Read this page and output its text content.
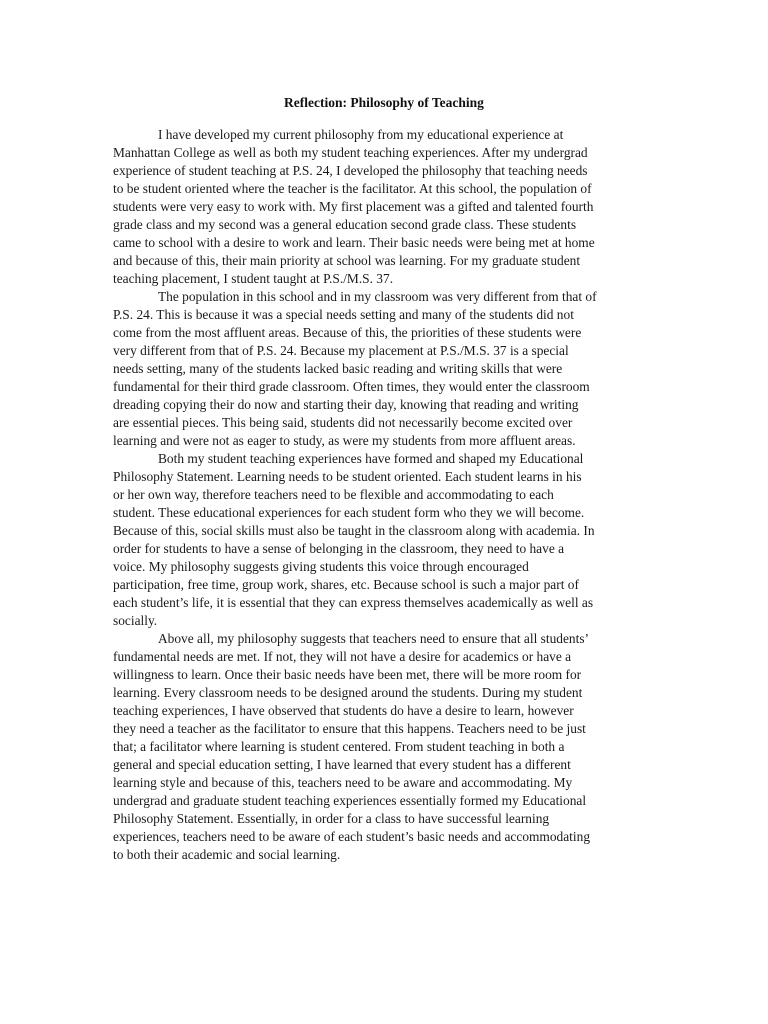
Reflection: Philosophy of Teaching
I have developed my current philosophy from my educational experience at
Manhattan College as well as both my student teaching experiences. After my undergrad
experience of student teaching at P.S. 24, I developed the philosophy that teaching needs
to be student oriented where the teacher is the facilitator. At this school, the population of
students were very easy to work with. My first placement was a gifted and talented fourth
grade class and my second was a general education second grade class. These students
came to school with a desire to work and learn. Their basic needs were being met at home
and because of this, their main priority at school was learning. For my graduate student
teaching placement, I student taught at P.S./M.S. 37.
The population in this school and in my classroom was very different from that of
P.S. 24. This is because it was a special needs setting and many of the students did not
come from the most affluent areas. Because of this, the priorities of these students were
very different from that of P.S. 24. Because my placement at P.S./M.S. 37 is a special
needs setting, many of the students lacked basic reading and writing skills that were
fundamental for their third grade classroom. Often times, they would enter the classroom
dreading copying their do now and starting their day, knowing that reading and writing
are essential pieces. This being said, students did not necessarily become excited over
learning and were not as eager to study, as were my students from more affluent areas.
Both my student teaching experiences have formed and shaped my Educational
Philosophy Statement. Learning needs to be student oriented. Each student learns in his
or her own way, therefore teachers need to be flexible and accommodating to each
student. These educational experiences for each student form who they we will become.
Because of this, social skills must also be taught in the classroom along with academia. In
order for students to have a sense of belonging in the classroom, they need to have a
voice. My philosophy suggests giving students this voice through encouraged
participation, free time, group work, shares, etc. Because school is such a major part of
each student’s life, it is essential that they can express themselves academically as well as
socially.
Above all, my philosophy suggests that teachers need to ensure that all students’
fundamental needs are met. If not, they will not have a desire for academics or have a
willingness to learn. Once their basic needs have been met, there will be more room for
learning. Every classroom needs to be designed around the students. During my student
teaching experiences, I have observed that students do have a desire to learn, however
they need a teacher as the facilitator to ensure that this happens. Teachers need to be just
that; a facilitator where learning is student centered. From student teaching in both a
general and special education setting, I have learned that every student has a different
learning style and because of this, teachers need to be aware and accommodating. My
undergrad and graduate student teaching experiences essentially formed my Educational
Philosophy Statement. Essentially, in order for a class to have successful learning
experiences, teachers need to be aware of each student’s basic needs and accommodating
to both their academic and social learning.
